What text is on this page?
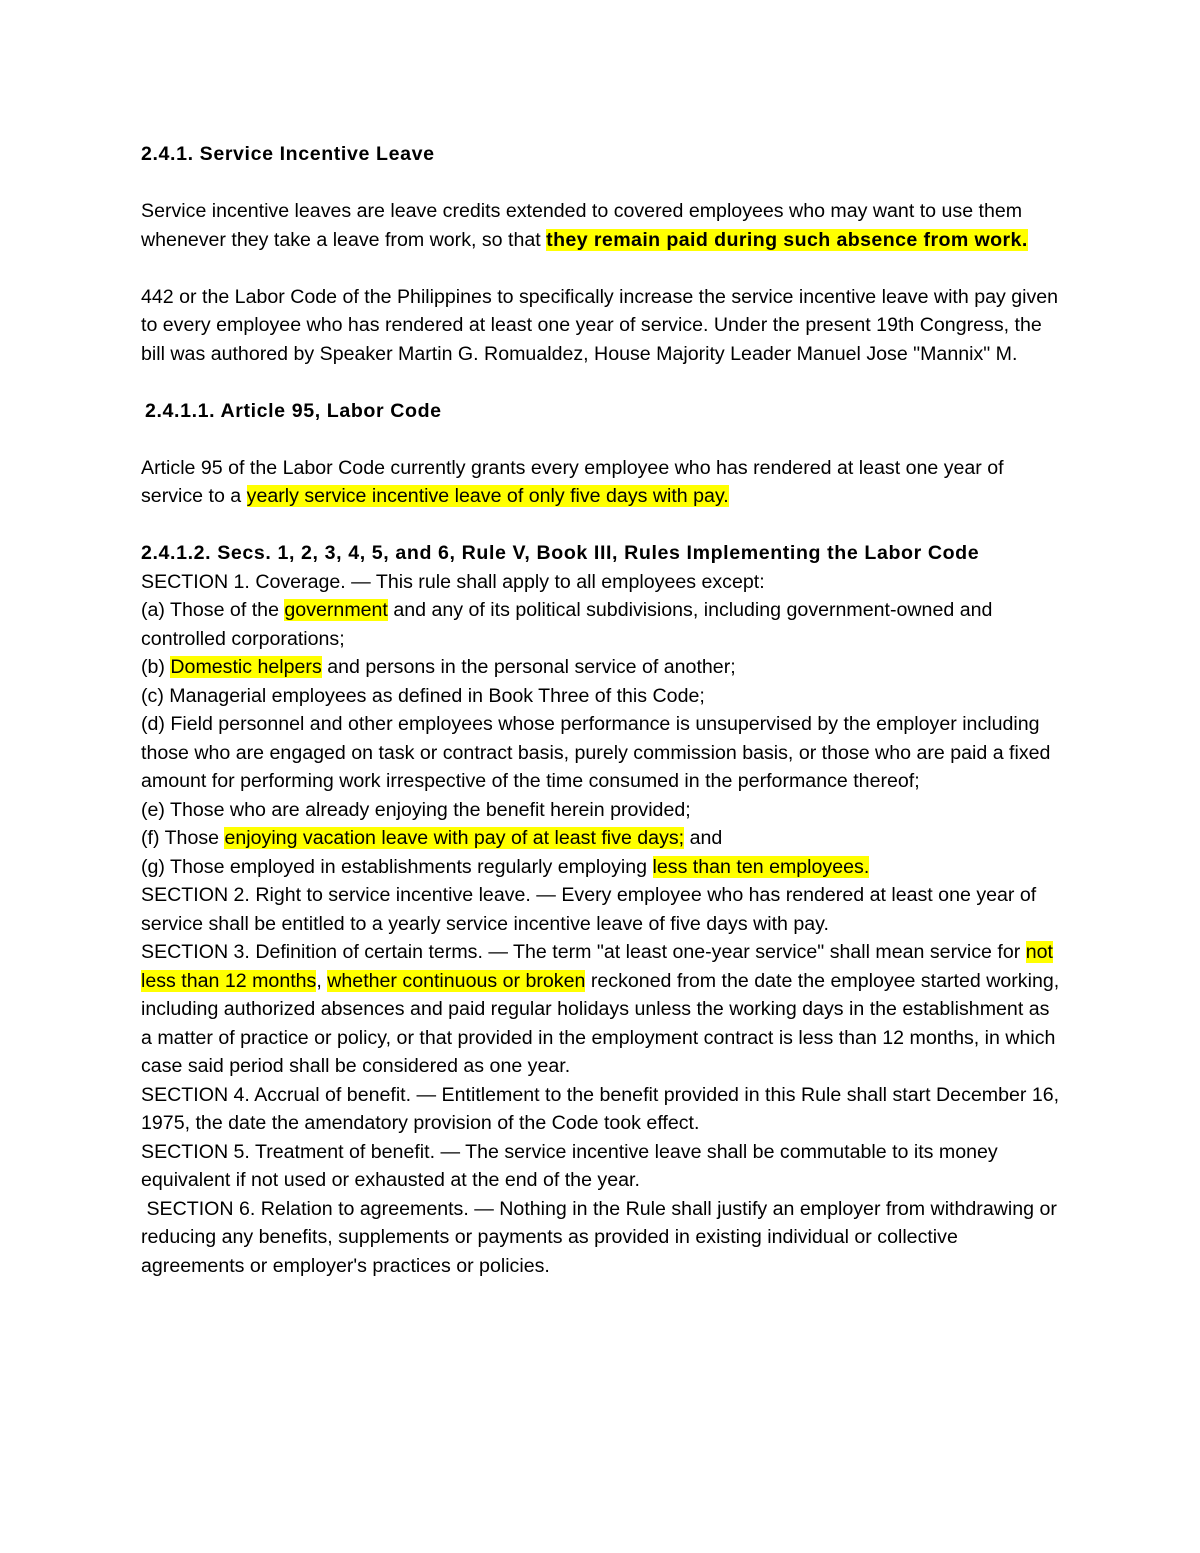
2.4.1. Service Incentive Leave

Service incentive leaves are leave credits extended to covered employees who may want to use them whenever they take a leave from work, so that they remain paid during such absence from work.

442 or the Labor Code of the Philippines to specifically increase the service incentive leave with pay given to every employee who has rendered at least one year of service. Under the present 19th Congress, the bill was authored by Speaker Martin G. Romualdez, House Majority Leader Manuel Jose "Mannix" M.

2.4.1.1. Article 95, Labor Code

Article 95 of the Labor Code currently grants every employee who has rendered at least one year of service to a yearly service incentive leave of only five days with pay.

2.4.1.2. Secs. 1, 2, 3, 4, 5, and 6, Rule V, Book III, Rules Implementing the Labor Code

SECTION 1. Coverage. — This rule shall apply to all employees except:

(a) Those of the government and any of its political subdivisions, including government-owned and controlled corporations;

(b) Domestic helpers and persons in the personal service of another;

(c) Managerial employees as defined in Book Three of this Code;

(d) Field personnel and other employees whose performance is unsupervised by the employer including those who are engaged on task or contract basis, purely commission basis, or those who are paid a fixed amount for performing work irrespective of the time consumed in the performance thereof;

(e) Those who are already enjoying the benefit herein provided;

(f) Those enjoying vacation leave with pay of at least five days; and

(g) Those employed in establishments regularly employing less than ten employees.

SECTION 2. Right to service incentive leave. — Every employee who has rendered at least one year of service shall be entitled to a yearly service incentive leave of five days with pay.

SECTION 3. Definition of certain terms. — The term "at least one-year service" shall mean service for not less than 12 months, whether continuous or broken reckoned from the date the employee started working, including authorized absences and paid regular holidays unless the working days in the establishment as a matter of practice or policy, or that provided in the employment contract is less than 12 months, in which case said period shall be considered as one year.

SECTION 4. Accrual of benefit. — Entitlement to the benefit provided in this Rule shall start December 16, 1975, the date the amendatory provision of the Code took effect.

SECTION 5. Treatment of benefit. — The service incentive leave shall be commutable to its money equivalent if not used or exhausted at the end of the year.

SECTION 6. Relation to agreements. — Nothing in the Rule shall justify an employer from withdrawing or reducing any benefits, supplements or payments as provided in existing individual or collective agreements or employer's practices or policies.
